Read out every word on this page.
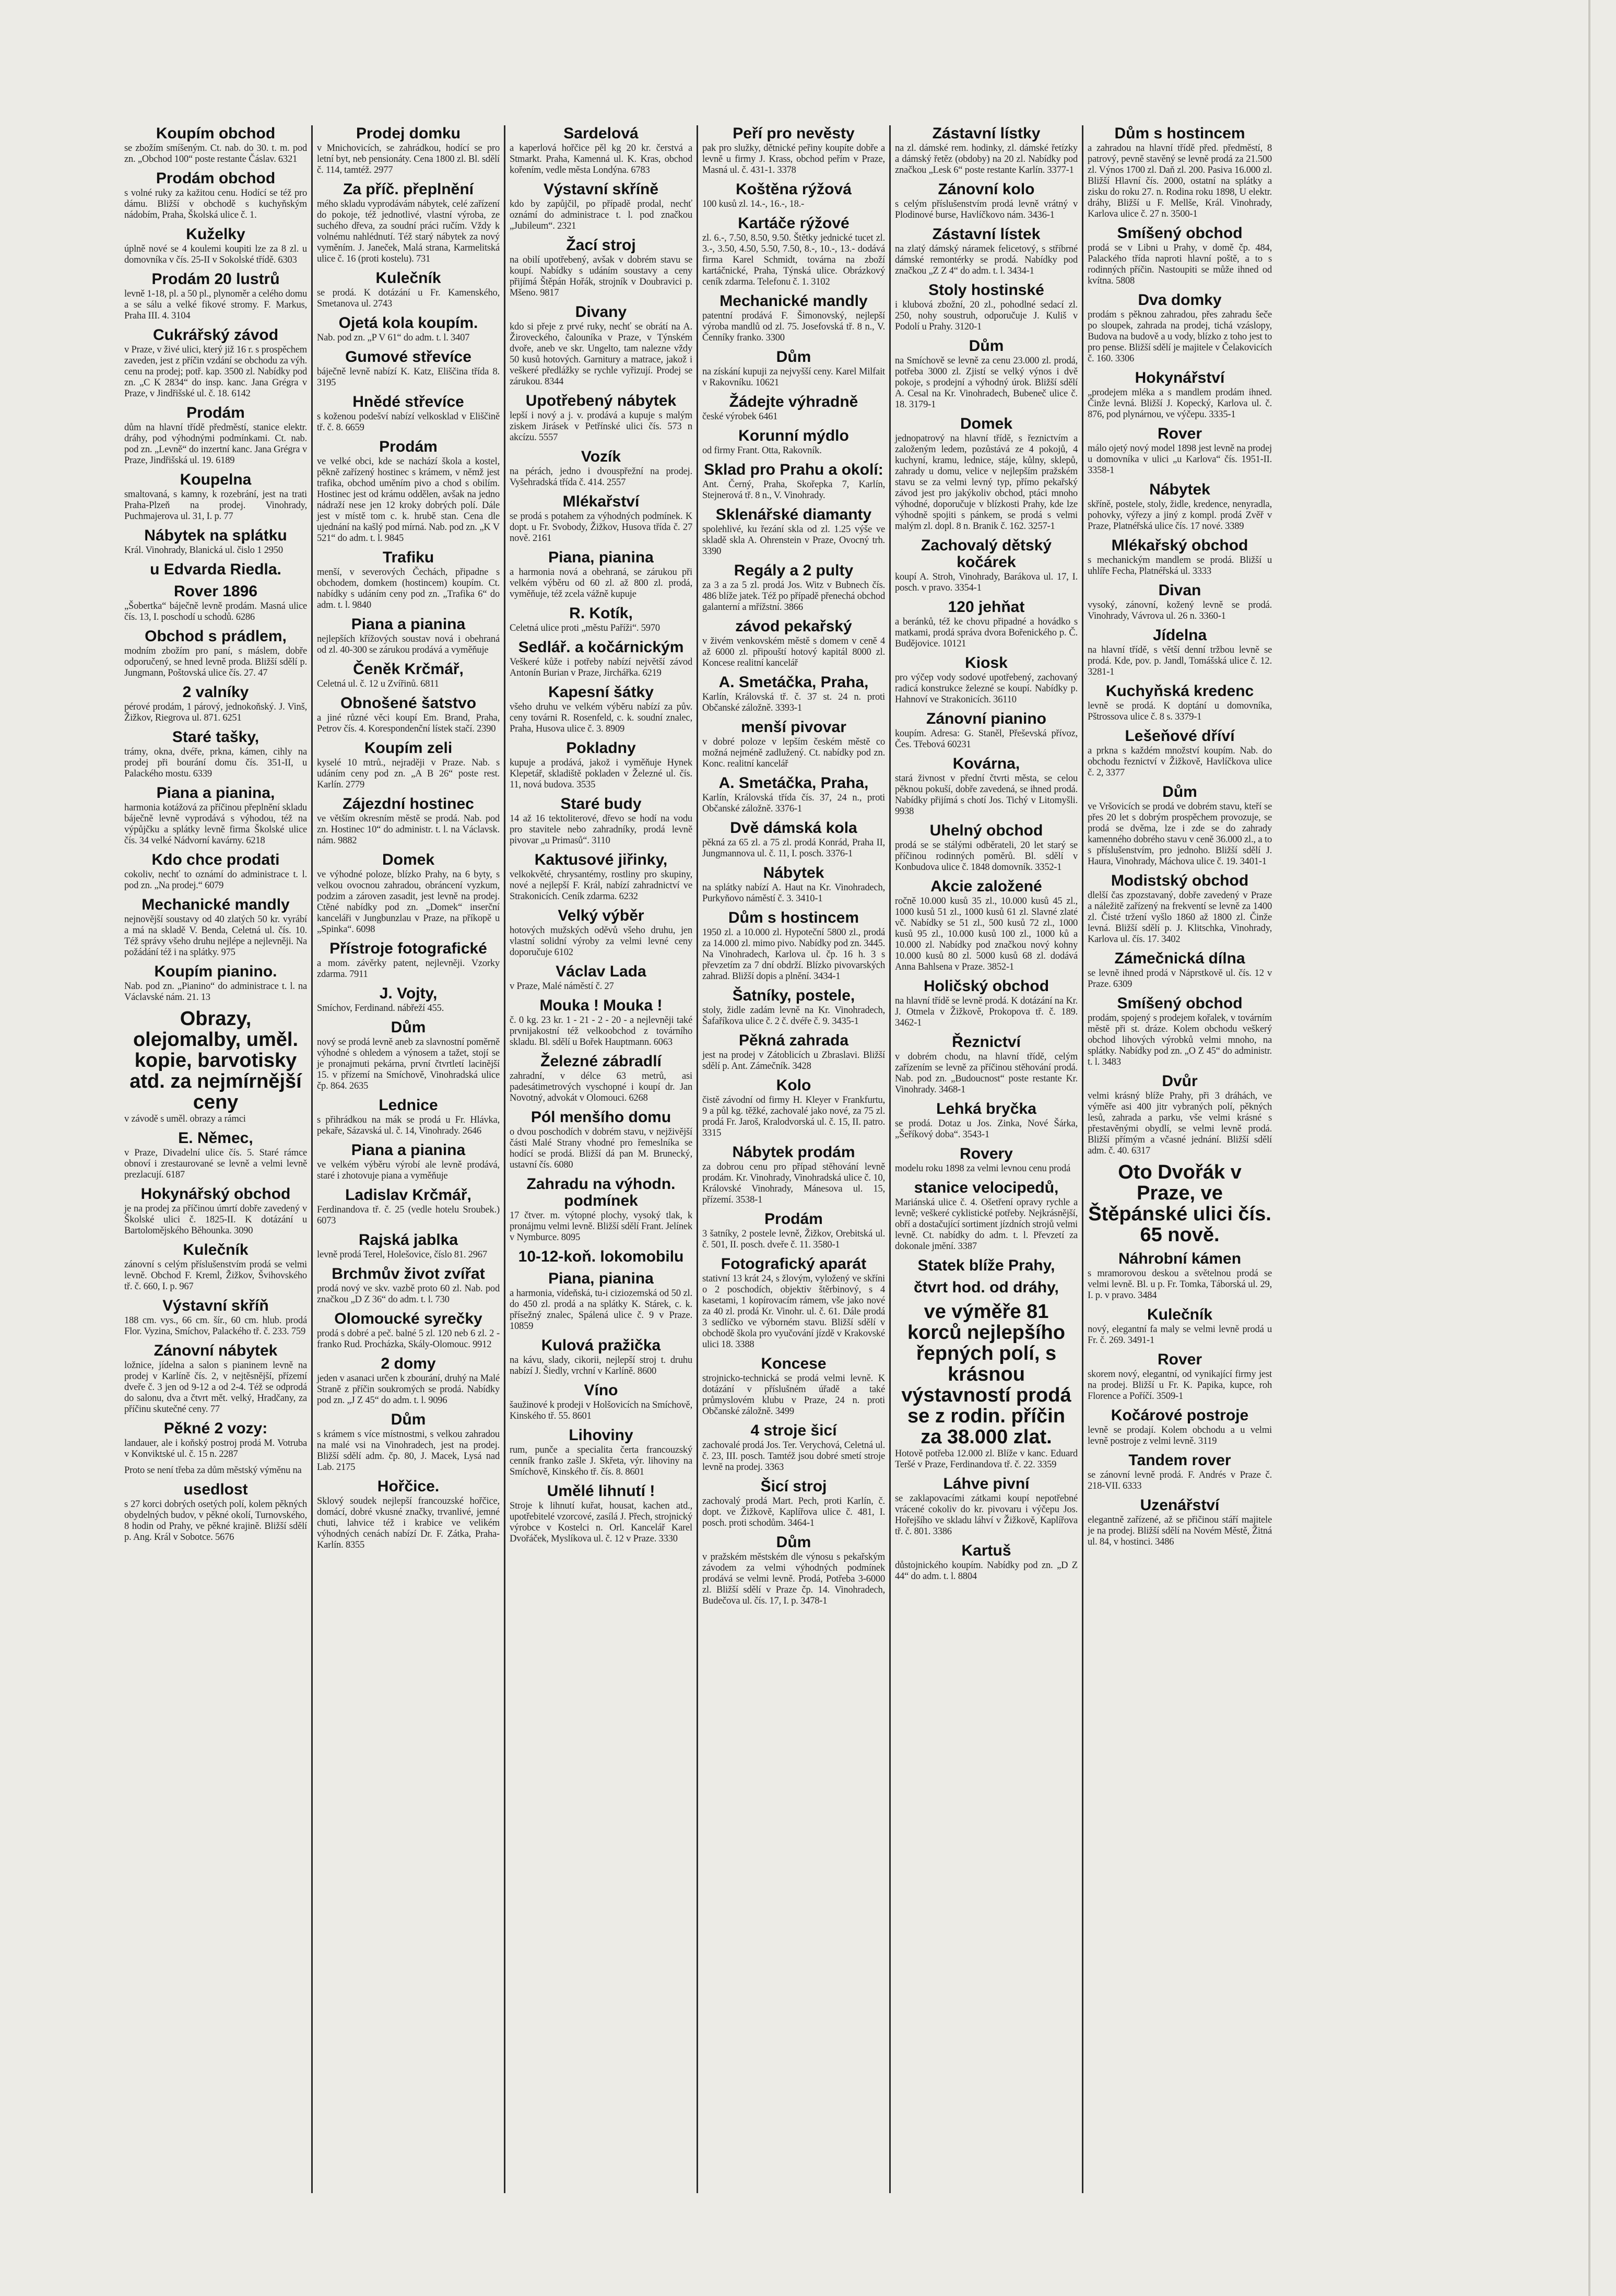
Koupím obchod

se zbožím smíšeným. Ct. nab. do 30. t. m. pod zn. „Obchod 100“ poste restante Čáslav. 6321

Prodám obchod

s volné ruky za kažitou cenu. Hodící se též pro dámu. Bližší v obchodě s kuchyňským nádobím, Praha, Školská ulice č. 1.

Kuželky

úplně nové se 4 koulemi koupiti lze za 8 zl. u domovníka v čís. 25-II v Sokolské třídě. 6303

Prodám 20 lustrů

levně 1-18, pl. a 50 pl., plynoměr a celého domu a se sálu a velké fikové stromy. F. Markus, Praha III. 4. 3104

Cukrářský závod

v Praze, v živé ulici, který již 16 r. s prospěchem zaveden, jest z příčin vzdání se obchodu za výh. cenu na prodej; potř. kap. 3500 zl. Nabídky pod zn. „C K 2834“ do insp. kanc. Jana Grégra v Praze, v Jindřišské ul. č. 18. 6142

Prodám

dům na hlavní třídě předměstí, stanice elektr. dráhy, pod výhodnými podmínkami. Ct. nab. pod zn. „Levně“ do inzertní kanc. Jana Grégra v Praze, Jindřišská ul. 19. 6189

Koupelna

smaltovaná, s kamny, k rozebrání, jest na trati Praha-Plzeň na prodej. Vinohrady, Puchmajerova ul. 31, I. p. 77

Nábytek na splátku

Král. Vinohrady, Blanická ul. čislo 1 2950

u Edvarda Riedla.
Rover 1896

„Šobertka“ báječně levně prodám. Masná ulice čís. 13, I. poschodí u schodů. 6286

Obchod s prádlem,

modním zbožím pro paní, s máslem, dobře odporučený, se hned levně proda. Bližší sdělí p. Jungmann, Poštovská ulice čís. 27. 47

2 valníky

pérové prodám, 1 párový, jednokoňský. J. Vinš, Žižkov, Riegrova ul. 871. 6251

Staré tašky,

trámy, okna, dvéře, prkna, kámen, cihly na prodej při bourání domu čís. 351-II, u Palackého mostu. 6339

Piana a pianina,

harmonia kotážová za příčinou přeplnění skladu báječně levně vyprodává s výhodou, též na výpůjčku a splátky levně firma Školské ulice čís. 34 velké Nádvorní kavárny. 6218

Kdo chce prodati

cokoliv, nechť to oznámí do administrace t. l. pod zn. „Na prodej.“ 6079

Mechanické mandly

nejnovější soustavy od 40 zlatých 50 kr. vyrábí a má na skladě V. Benda, Celetná ul. čís. 10. Též správy všeho druhu nejlépe a nejlevněji. Na požádání též i na splátky. 975

Koupím pianino.

Nab. pod zn. „Pianino“ do administrace t. l. na Václavské nám. 21. 13

Obrazy, olejomalby, uměl. kopie, barvotisky atd. za nejmírnější ceny

v závodě s uměl. obrazy a rámci

E. Němec,

v Praze, Divadelní ulice čís. 5. Staré rámce obnoví i zrestaurované se levně a velmi levně prezlacují. 6187

Hokynářský obchod

je na prodej za příčinou úmrtí dobře zavedený v Školské ulici č. 1825-II. K dotázání u Bartolomějského Běhounka. 3090

Kulečník

zánovní s celým příslušenstvím prodá se velmi levně. Obchod F. Kreml, Žižkov, Švihovského tř. č. 660, I. p. 967

Výstavní skříň

188 cm. vys., 66 cm. šír., 60 cm. hlub. prodá Flor. Vyzina, Smíchov, Palackého tř. č. 233. 759

Zánovní nábytek

ložnice, jídelna a salon s pianinem levně na prodej v Karlíně čís. 2, v nejtěsnější, přízemí dveře č. 3 jen od 9-12 a od 2-4. Též se odprodá do salonu, dva a čtvrt mět. velký, Hradčany, za příčinu skutečné ceny. 77

Pěkné 2 vozy:

landauer, ale i koňský postroj prodá M. Votruba v Konviktské ul. č. 15 n. 2287

Proto se není třeba za dům městský výměnu na

usedlost

s 27 korci dobrých osetých polí, kolem pěkných obydelných budov, v pěkné okolí, Turnovského, 8 hodin od Prahy, ve pěkné krajině. Bližší sdělí p. Ang. Král v Sobotce. 5676

Prodej domku

v Mnichovicích, se zahrádkou, hodící se pro letní byt, neb pensionáty. Cena 1800 zl. Bl. sdělí č. 114, tamtéž. 2977

Za příč. přeplnění

mého skladu vyprodávám nábytek, celé zařízení do pokoje, též jednotlivé, vlastní výroba, ze suchého dřeva, za soudní práci ručím. Vždy k volnému nahlédnutí. Též starý nábytek za nový vyměním. J. Janeček, Malá strana, Karmelitská ulice č. 16 (proti kostelu). 731

Kulečník

se prodá. K dotázání u Fr. Kamenského, Smetanova ul. 2743

Ojetá kola koupím.

Nab. pod zn. „P V 61“ do adm. t. l. 3407

Gumové střevíce

báječně levně nabízí K. Katz, Eliščina třída 8. 3195

Hnědé střevíce

s koženou podešví nabízí velkosklad v Eliščině tř. č. 8. 6659

Prodám

ve velké obci, kde se nachází škola a kostel, pěkně zařízený hostinec s krámem, v němž jest trafika, obchod uměním pivo a chod s obilím. Hostinec jest od krámu oddělen, avšak na jedno nádraží nese jen 12 kroky dobrých polí. Dále jest v místě tom c. k. hrubě stan. Cena dle ujednání na kašlý pod mírná. Nab. pod zn. „K V 521“ do adm. t. l. 9845

Trafiku

menší, v severových Čechách, připadne s obchodem, domkem (hostincem) koupím. Ct. nabídky s udáním ceny pod zn. „Trafika 6“ do adm. t. l. 9840

Piana a pianina

nejlepších křížových soustav nová i obehraná od zl. 40-300 se zárukou prodává a vyměňuje

Čeněk Krčmář,

Celetná ul. č. 12 u Zvířinů. 6811

Obnošené šatstvo

a jiné různé věci koupí Em. Brand, Praha, Petrov čís. 4. Korespondenční lístek stačí. 2390

Koupím zeli

kyselé 10 mtrů., nejraději v Praze. Nab. s udáním ceny pod zn. „A B 26“ poste rest. Karlín. 2779

Zájezdní hostinec

ve větším okresním městě se prodá. Nab. pod zn. Hostinec 10“ do administr. t. l. na Václavsk. nám. 9882

Domek

ve výhodné poloze, blízko Prahy, na 6 byty, s velkou ovocnou zahradou, obráncení vyzkum, podzim a zároven zasadit, jest levně na prodej. Ctěné nabídky pod zn. „Domek“ inserční kanceláři v Jungbunzlau v Praze, na příkopě u „Spinka“. 6098

Přístroje fotografické

a mom. závěrky patent, nejlevněji. Vzorky zdarma. 7911

J. Vojty,

Smíchov, Ferdinand. nábřeží 455.

Dům

nový se prodá levně aneb za slavnostní poměrně výhodné s ohledem a výnosem a tažet, stojí se je pronajmuti pekárna, první čtvrtletí lacinější 15. v přízemí na Smíchově, Vinohradská ulice čp. 864. 2635

Lednice

s přihrádkou na mák se prodá u Fr. Hlávka, pekaře, Sázavská ul. č. 14, Vinohrady. 2646

Piana a pianina

ve velkém výběru výrobí ale levně prodává, staré i zhotovuje piana a vyměňuje

Ladislav Krčmář,

Ferdinandova tř. č. 25 (vedle hotelu Sroubek.) 6073

Rajská jablka

levně prodá Terel, Holešovice, číslo 81. 2967

Brchmův život zvířat

prodá nový ve skv. vazbě proto 60 zl. Nab. pod značkou „D Z 36“ do adm. t. l. 730

Olomoucké syrečky

prodá s dobré a peč. balné 5 zl. 120 neb 6 zl. 2 - franko Rud. Procházka, Skály-Olomouc. 9912

2 domy

jeden v asanaci určen k zbourání, druhý na Malé Straně z příčin soukromých se prodá. Nabídky pod zn. „J Z 45“ do adm. t. l. 9096

Dům

s krámem s více místnostmi, s velkou zahradou na malé vsi na Vinohradech, jest na prodej. Bližší sdělí adm. čp. 80, J. Macek, Lysá nad Lab. 2175

Hořčice.

Sklový soudek nejlepší francouzské hořčice, domácí, dobré vkusné značky, trvanlivé, jemné chuti, lahvice též i krabice ve velikém výhodných cenách nabízí Dr. F. Zátka, Praha-Karlín. 8355

Sardelová

a kaperlová hořčice pěl kg 20 kr. čerstvá a Stmarkt. Praha, Kamenná ul. K. Kras, obchod kořením, vedle města Londýna. 6783

Výstavní skříně

kdo by zapůjčil, po případě prodal, nechť oznámí do administrace t. l. pod značkou „Jubileum“. 2321

Žací stroj

na obilí upotřebený, avšak v dobrém stavu se koupí. Nabídky s udáním soustavy a ceny přijímá Štěpán Hořák, strojník v Doubravici p. Mšeno. 9817

Divany

kdo si přeje z prvé ruky, nechť se obrátí na A. Žiroveckého, čalouníka v Praze, v Týnském dvoře, aneb ve skr. Ungelto, tam nalezne vždy 50 kusů hotových. Garnitury a matrace, jakož i veškeré předlážky se rychle vyřizují. Prodej se zárukou. 8344

Upotřebený nábytek

lepší i nový a j. v. prodává a kupuje s malým ziskem Jirásek v Petřínské ulici čís. 573 n akcízu. 5557

Vozík

na pérách, jedno i dvouspřežní na prodej. Vyšehradská třída č. 414. 2557

Mlékařství

se prodá s potahem za výhodných podmínek. K dopt. u Fr. Svobody, Žižkov, Husova třída č. 27 nově. 2161

Piana, pianina

a harmonia nová a obehraná, se zárukou při velkém výběru od 60 zl. až 800 zl. prodá, vyměňuje, též zcela vážně kupuje

R. Kotík,

Celetná ulice proti „městu Paříži“. 5970

Sedlář. a kočárnickým

Veškeré kůže i potřeby nabízí největší závod Antonín Burian v Praze, Jirchářka. 6219

Kapesní šátky

všeho druhu ve velkém výběru nabízí za pův. ceny továrni R. Rosenfeld, c. k. soudní znalec, Praha, Husova ulice č. 3. 8909

Pokladny

kupuje a prodává, jakož i vyměňuje Hynek Klepetář, skladiště pokladen v Železné ul. čís. 11, nová budova. 3535

Staré budy

14 až 16 tektoliterové, dřevo se hodí na vodu pro stavitele nebo zahradníky, prodá levně pivovar „u Primasů“. 3110

Kaktusové jiřinky,

velkokvěté, chrysantémy, rostliny pro skupiny, nové a nejlepší F. Král, nabízí zahradnictví ve Strakonicích. Ceník zdarma. 6232

Velký výběr

hotových mužských oděvů všeho druhu, jen vlastní solidní výroby za velmi levné ceny doporučuje 6102

Václav Lada

v Praze, Malé náměstí č. 27

Mouka ! Mouka !

č. 0 kg. 23 kr. 1 - 21 - 2 - 20 - a nejlevněji také prvnijakostní též velkoobchod z továrního skladu. Bl. sdělí u Bořek Hauptmann. 6063

Železné zábradlí

zahradní, v délce 63 metrů, asi padesátimetrových vyschopné i koupí dr. Jan Novotný, advokát v Olomouci. 6268

Pól menšího domu

o dvou poschodích v dobrém stavu, v nejživější části Malé Strany vhodné pro řemeslníka se hodící se prodá. Bližší dá pan M. Brunecký, ustavní čís. 6080

Zahradu na výhodn. podmínek

17 čtver. m. výtopné plochy, vysoký tlak, k pronájmu velmi levně. Bližší sdělí Frant. Jelínek v Nymburce. 8095

10-12-koň. lokomobilu
Piana, pianina

a harmonia, vídeňská, tu-i ciziozemská od 50 zl. do 450 zl. prodá a na splátky K. Stárek, c. k. přísežný znalec, Spálená ulice č. 9 v Praze. 10859

Kulová pražička

na kávu, slady, cikorii, nejlepší stroj t. druhu nabízí J. Šiedly, vrchní v Karlíně. 8600

Víno

šaužinové k prodeji v Holšovicích na Smíchově, Kinského tř. 55. 8601

Lihoviny

rum, punče a specialita čerta francouzský cenník franko zašle J. Skřeta, výr. lihoviny na Smíchově, Kinského tř. čís. 8. 8601

Umělé lihnutí !

Stroje k lihnutí kuřat, housat, kachen atd., upotřebitelé vzorcové, zasílá J. Přech, strojnický výrobce v Kostelci n. Orl. Kancelář Karel Dvořáček, Myslíkova ul. č. 12 v Praze. 3330

Peří pro nevěsty

pak pro služky, dětnické peřiny koupíte dobře a levně u firmy J. Krass, obchod peřím v Praze, Masná ul. č. 431-1. 3378

Koštěna rýžová

100 kusů zl. 14.-, 16.-, 18.-

Kartáče rýžové

zl. 6.-, 7.50, 8.50, 9.50. Štětky jednické tucet zl. 3.-, 3.50, 4.50, 5.50, 7.50, 8.-, 10.-, 13.- dodává firma Karel Schmidt, továrna na zboží kartáčnické, Praha, Týnská ulice. Obrázkový ceník zdarma. Telefonu č. 1. 3102

Mechanické mandly

patentní prodává F. Šimonovský, nejlepší výroba mandlů od zl. 75. Josefovská tř. 8 n., V. Čenníky franko. 3300

Dům

na získání kupuji za nejvyšší ceny. Karel Milfait v Rakovníku. 10621

Žádejte výhradně

české výrobek 6461

Korunní mýdlo

od firmy Frant. Otta, Rakovník.

Sklad pro Prahu a okolí:

Ant. Černý, Praha, Skořepka 7, Karlín, Stejnerová tř. 8 n., V. Vinohrady.

Sklenářské diamanty

spolehlivé, ku řezání skla od zl. 1.25 výše ve skladě skla A. Ohrenstein v Praze, Ovocný trh. 3390

Regály a 2 pulty

za 3 a za 5 zl. prodá Jos. Witz v Bubnech čís. 486 blíže jatek. Též po případě přenechá obchod galanterní a mřížstní. 3866

závod pekařský

v živém venkovském městě s domem v ceně 4 až 6000 zl. připouští hotový kapitál 8000 zl. Koncese realitní kancelář

A. Smetáčka, Praha,

Karlín, Královská tř. č. 37 st. 24 n. proti Občanské záložně. 3393-1

menší pivovar

v dobré poloze v lepším českém městě co možná nejméně zadlužený. Ct. nabídky pod zn. Konc. realitní kancelář

A. Smetáčka, Praha,

Karlín, Královská třída čís. 37, 24 n., proti Občanské záložně. 3376-1

Dvě dámská kola

pěkná za 65 zl. a 75 zl. prodá Konrád, Praha II, Jungmannova ul. č. 11, I. posch. 3376-1

Nábytek

na splátky nabízí A. Haut na Kr. Vinohradech, Purkyňovo náměstí č. 3. 3410-1

Dům s hostincem

1950 zl. a 10.000 zl. Hypoteční 5800 zl., prodá za 14.000 zl. mimo pivo. Nabídky pod zn. 3445. Na Vinohradech, Karlova ul. čp. 16 h. 3 s převzetím za 7 dní obdrží. Blízko pivovarských zahrad. Bližší dopis a plnění. 3434-1

Šatníky, postele,

stoly, židle zadám levně na Kr. Vinohradech, Šafaříkova ulice č. 2 č. dvéře č. 9. 3435-1

Pěkná zahrada

jest na prodej v Zátoblicích u Zbraslavi. Bližší sdělí p. Ant. Zámečník. 3428

Kolo

čistě závodní od firmy H. Kleyer v Frankfurtu, 9 a půl kg. těžké, zachovalé jako nové, za 75 zl. prodá Fr. Jaroš, Kralodvorská ul. č. 15, II. patro. 3315

Nábytek prodám

za dobrou cenu pro případ stěhování levně prodám. Kr. Vinohrady, Vinohradská ulice č. 10, Královské Vinohrady, Mánesova ul. 15, přízemí. 3538-1

Prodám

3 šatníky, 2 postele levně, Žižkov, Orebitská ul. č. 501, II. posch. dveře č. 11. 3580-1

Fotografický aparát

stativní 13 krát 24, s žlovým, vyložený ve skříni o 2 poschodích, objektiv štěrbinový, s 4 kasetami, 1 kopírovacím rámem, vše jako nové za 40 zl. prodá Kr. Vinohr. ul. č. 61. Dále prodá 3 sedlíčko ve výborném stavu. Bližší sdělí v obchodě škola pro vyučování jízdě v Krakovské ulici 18. 3388

Koncese

strojnicko-technická se prodá velmi levně. K dotázání v příslušném úřadě a také průmyslovém klubu v Praze, 24 n. proti Občanské záložně. 3499

4 stroje šicí

zachovalé prodá Jos. Ter. Verychová, Celetná ul. č. 23, III. posch. Tamtéž jsou dobré smetí stroje levně na prodej. 3363

Šicí stroj

zachovalý prodá Mart. Pech, proti Karlín, č. dopt. ve Žižkově, Kaplířova ulice č. 481, I. posch. proti schodům. 3464-1

Dům

v pražském městském dle výnosu s pekařským závodem za velmi výhodných podmínek prodává se velmi levně. Prodá, Potřeba 3-6000 zl. Bližší sdělí v Praze čp. 14. Vinohradech, Budečova ul. čís. 17, I. p. 3478-1

Zástavní lístky

na zl. dámské rem. hodinky, zl. dámské řetízky a dámský řetěz (obdoby) na 20 zl. Nabídky pod značkou „Lesk 6“ poste restante Karlín. 3377-1

Zánovní kolo

s celým příslušenstvím prodá levně vrátný v Plodinové burse, Havlíčkovo nám. 3436-1

Zástavní lístek

na zlatý dámský náramek felicetový, s stříbrné dámské remontérky se prodá. Nabídky pod značkou „Z Z 4“ do adm. t. l. 3434-1

Stoly hostinské

i klubová zbožní, 20 zl., pohodlné sedací zl. 250, nohy soustruh, odporučuje J. Kuliš v Podolí u Prahy. 3120-1

Dům

na Smíchově se levně za cenu 23.000 zl. prodá, potřeba 3000 zl. Zjistí se velký výnos i dvě pokoje, s prodejní a výhodný úrok. Bližší sdělí A. Cesal na Kr. Vinohradech, Bubeneč ulice č. 18. 3179-1

Domek

jednopatrový na hlavní třídě, s řeznictvím a založeným ledem, pozůstává ze 4 pokojů, 4 kuchyní, kramu, lednice, stáje, kůlny, sklepů, zahrady u domu, velice v nejlepším pražském stavu se za velmi levný typ, přímo pekařský závod jest pro jakýkoliv obchod, ptáci mnoho výhodné, doporučuje v blízkosti Prahy, kde lze výhodně spojiti s pánkem, se prodá s velmi malým zl. dopl. 8 n. Branik č. 162. 3257-1

Zachovalý dětský kočárek

koupí A. Stroh, Vinohrady, Barákova ul. 17, I. posch. v pravo. 3354-1

120 jehňat

a beránků, též ke chovu připadné a hovádko s matkami, prodá správa dvora Bořenického p. Č. Budějovice. 10121

Kiosk

pro výčep vody sodové upotřebený, zachovaný radicá konstrukce železné se koupí. Nabídky p. Hahnoví ve Strakonicích. 36110

Zánovní pianino

koupím. Adresa: G. Staněl, Přeševská přívoz, Čes. Třebová 60231

Kovárna,

stará živnost v přední čtvrti města, se celou pěknou pokuší, dobře zavedená, se ihned prodá. Nabídky přijímá s chotí Jos. Tichý v Litomyšli. 9938

Uhelný obchod

prodá se se stálými odběrateli, 20 let starý se příčinou rodinných poměrů. Bl. sdělí v Konbudova ulice č. 1848 domovník. 3352-1

Akcie založené

ročně 10.000 kusů 35 zl., 10.000 kusů 45 zl., 1000 kusů 51 zl., 1000 kusů 61 zl. Slavné zlaté vč. Nabídky se 51 zl., 500 kusů 72 zl., 1000 kusů 95 zl., 10.000 kusů 100 zl., 1000 ků a 10.000 zl. Nabídky pod značkou nový kohny 10.000 kusů 80 zl. 5000 kusů 68 zl. dodává Anna Bahlsena v Praze. 3852-1

Holičský obchod

na hlavní třídě se levně prodá. K dotázání na Kr. J. Otmela v Žižkově, Prokopova tř. č. 189. 3462-1

Řeznictví

v dobrém chodu, na hlavní třídě, celým zařízením se levně za příčinou stěhování prodá. Nab. pod zn. „Budoucnost“ poste restante Kr. Vinohrady. 3468-1

Lehká bryčka

se prodá. Dotaz u Jos. Zinka, Nové Šárka, „Šeříkový doba“. 3543-1

Rovery

modelu roku 1898 za velmi levnou cenu prodá

stanice velocipedů,

Mariánská ulice č. 4. Ošetření opravy rychle a levně; veškeré cyklistické potřeby. Nejkrásnější, obří a dostačující sortiment jízdních strojů velmi levně. Ct. nabídky do adm. t. l. Převzetí za dokonale jmění. 3387

Statek blíže Prahy,
čtvrt hod. od dráhy,
ve výměře 81 korců nejlepšího řepných polí, s krásnou výstavností prodá se z rodin. příčin za 38.000 zlat.

Hotově potřeba 12.000 zl. Blíže v kanc. Eduard Teršé v Praze, Ferdinandova tř. č. 22. 3359

Láhve pivní

se zaklapovacími zátkami koupí nepotřebné vrácené cokoliv do kr. pivovaru i výčepu Jos. Hořejšího ve skladu láhví v Žižkově, Kaplířova tř. č. 801. 3386

Kartuš

důstojnického koupím. Nabídky pod zn. „D Z 44“ do adm. t. l. 8804

Dům s hostincem

a zahradou na hlavní třídě před. předměstí, 8 patrový, pevně stavěný se levně prodá za 21.500 zl. Výnos 1700 zl. Daň zl. 200. Pasiva 16.000 zl. Bližší Hlavní čís. 2000, ostatní na splátky a zisku do roku 27. n. Rodina roku 1898, U elektr. dráhy, Bližší u F. Mellše, Král. Vinohrady, Karlova ulice č. 27 n. 3500-1

Smíšený obchod

prodá se v Libni u Prahy, v domě čp. 484, Palackého třída naproti hlavní poště, a to s rodinných příčin. Nastoupiti se může ihned od kvítna. 5808

Dva domky

prodám s pěknou zahradou, přes zahradu šeče po sloupek, zahrada na prodej, tichá vzáslopy, Budova na budově a u vody, blízko z toho jest to pro pense. Bližší sdělí je majitele v Čelakovicích č. 160. 3306

Hokynářství

„prodejem mléka a s mandlem prodám ihned. Činže levná. Bližší J. Kopecký, Karlova ul. č. 876, pod plynárnou, ve výčepu. 3335-1

Rover

málo ojetý nový model 1898 jest levně na prodej u domovníka v ulici „u Karlova“ čís. 1951-II. 3358-1

Nábytek

skříně, postele, stoly, židle, kredence, nenyradla, pohovky, výřezy a jiný z kompl. prodá Zvěř v Praze, Platnéřská ulice čís. 17 nové. 3389

Mlékařský obchod

s mechanickým mandlem se prodá. Bližší u uhlíře Fecha, Platnéřská ul. 3333

Divan

vysoký, zánovní, kožený levně se prodá. Vinohrady, Vávrova ul. 26 n. 3360-1

Jídelna

na hlavní třídě, s větší denní tržbou levně se prodá. Kde, pov. p. Jandl, Tomášská ulice č. 12. 3281-1

Kuchyňská kredenc

levně se prodá. K doptání u domovníka, Pštrossova ulice č. 8 s. 3379-1

Lešeňové dříví

a prkna s každém množství koupím. Nab. do obchodu řeznictví v Žižkově, Havlíčkova ulice č. 2, 3377

Dům

ve Vršovicích se prodá ve dobrém stavu, kteří se přes 20 let s dobrým prospěchem provozuje, se prodá se dvěma, lze i zde se do zahrady kamenného dobrého stavu v ceně 36.000 zl., a to s příslušenstvím, pro jednoho. Bližší sdělí J. Haura, Vinohrady, Máchova ulice č. 19. 3401-1

Modistský obchod

dlelší čas zpozstavaný, dobře zavedený v Praze a náležitě zařízený na frekventí se levně za 1400 zl. Čisté tržení vyšlo 1860 až 1800 zl. Činže levná. Bližší sdělí p. J. Klitschka, Vinohrady, Karlova ul. čís. 17. 3402

Zámečnická dílna

se levně ihned prodá v Náprstkově ul. čís. 12 v Praze. 6309

Smíšený obchod

prodám, spojený s prodejem kořalek, v továrním městě při st. dráze. Kolem obchodu veškerý obchod lihových výrobků velmi mnoho, na splátky. Nabídky pod zn. „O Z 45“ do administr. t. l. 3483

Dvůr

velmi krásný blíže Prahy, při 3 dráhách, ve výměře asi 400 jitr vybraných polí, pěkných lesů, zahrada a parku, vše velmi krásné s přestavěnými obydlí, se velmi levně prodá. Bližší přímým a včasné jednání. Bližší sdělí adm. č. 40. 6317

Oto Dvořák v Praze, ve Štěpánské ulici čís. 65 nově.
Náhrobní kámen

s mramorovou deskou a světelnou prodá se velmi levně. Bl. u p. Fr. Tomka, Táborská ul. 29, I. p. v pravo. 3484

Kulečník

nový, elegantní fa maly se velmi levně prodá u Fr. č. 269. 3491-1

Rover

skorem nový, elegantní, od vynikající firmy jest na prodej. Bližší u Fr. K. Papika, kupce, roh Florence a Poříčí. 3509-1

Kočárové postroje

levně se prodají. Kolem obchodu a u velmi levně postroje z velmi levně. 3119

Tandem rover

se zánovní levně prodá. F. Andrés v Praze č. 218-VII. 6333

Uzenářství

elegantně zařízené, až se přičinou stáří majitele je na prodej. Bližší sdělí na Novém Městě, Žitná ul. 84, v hostinci. 3486
